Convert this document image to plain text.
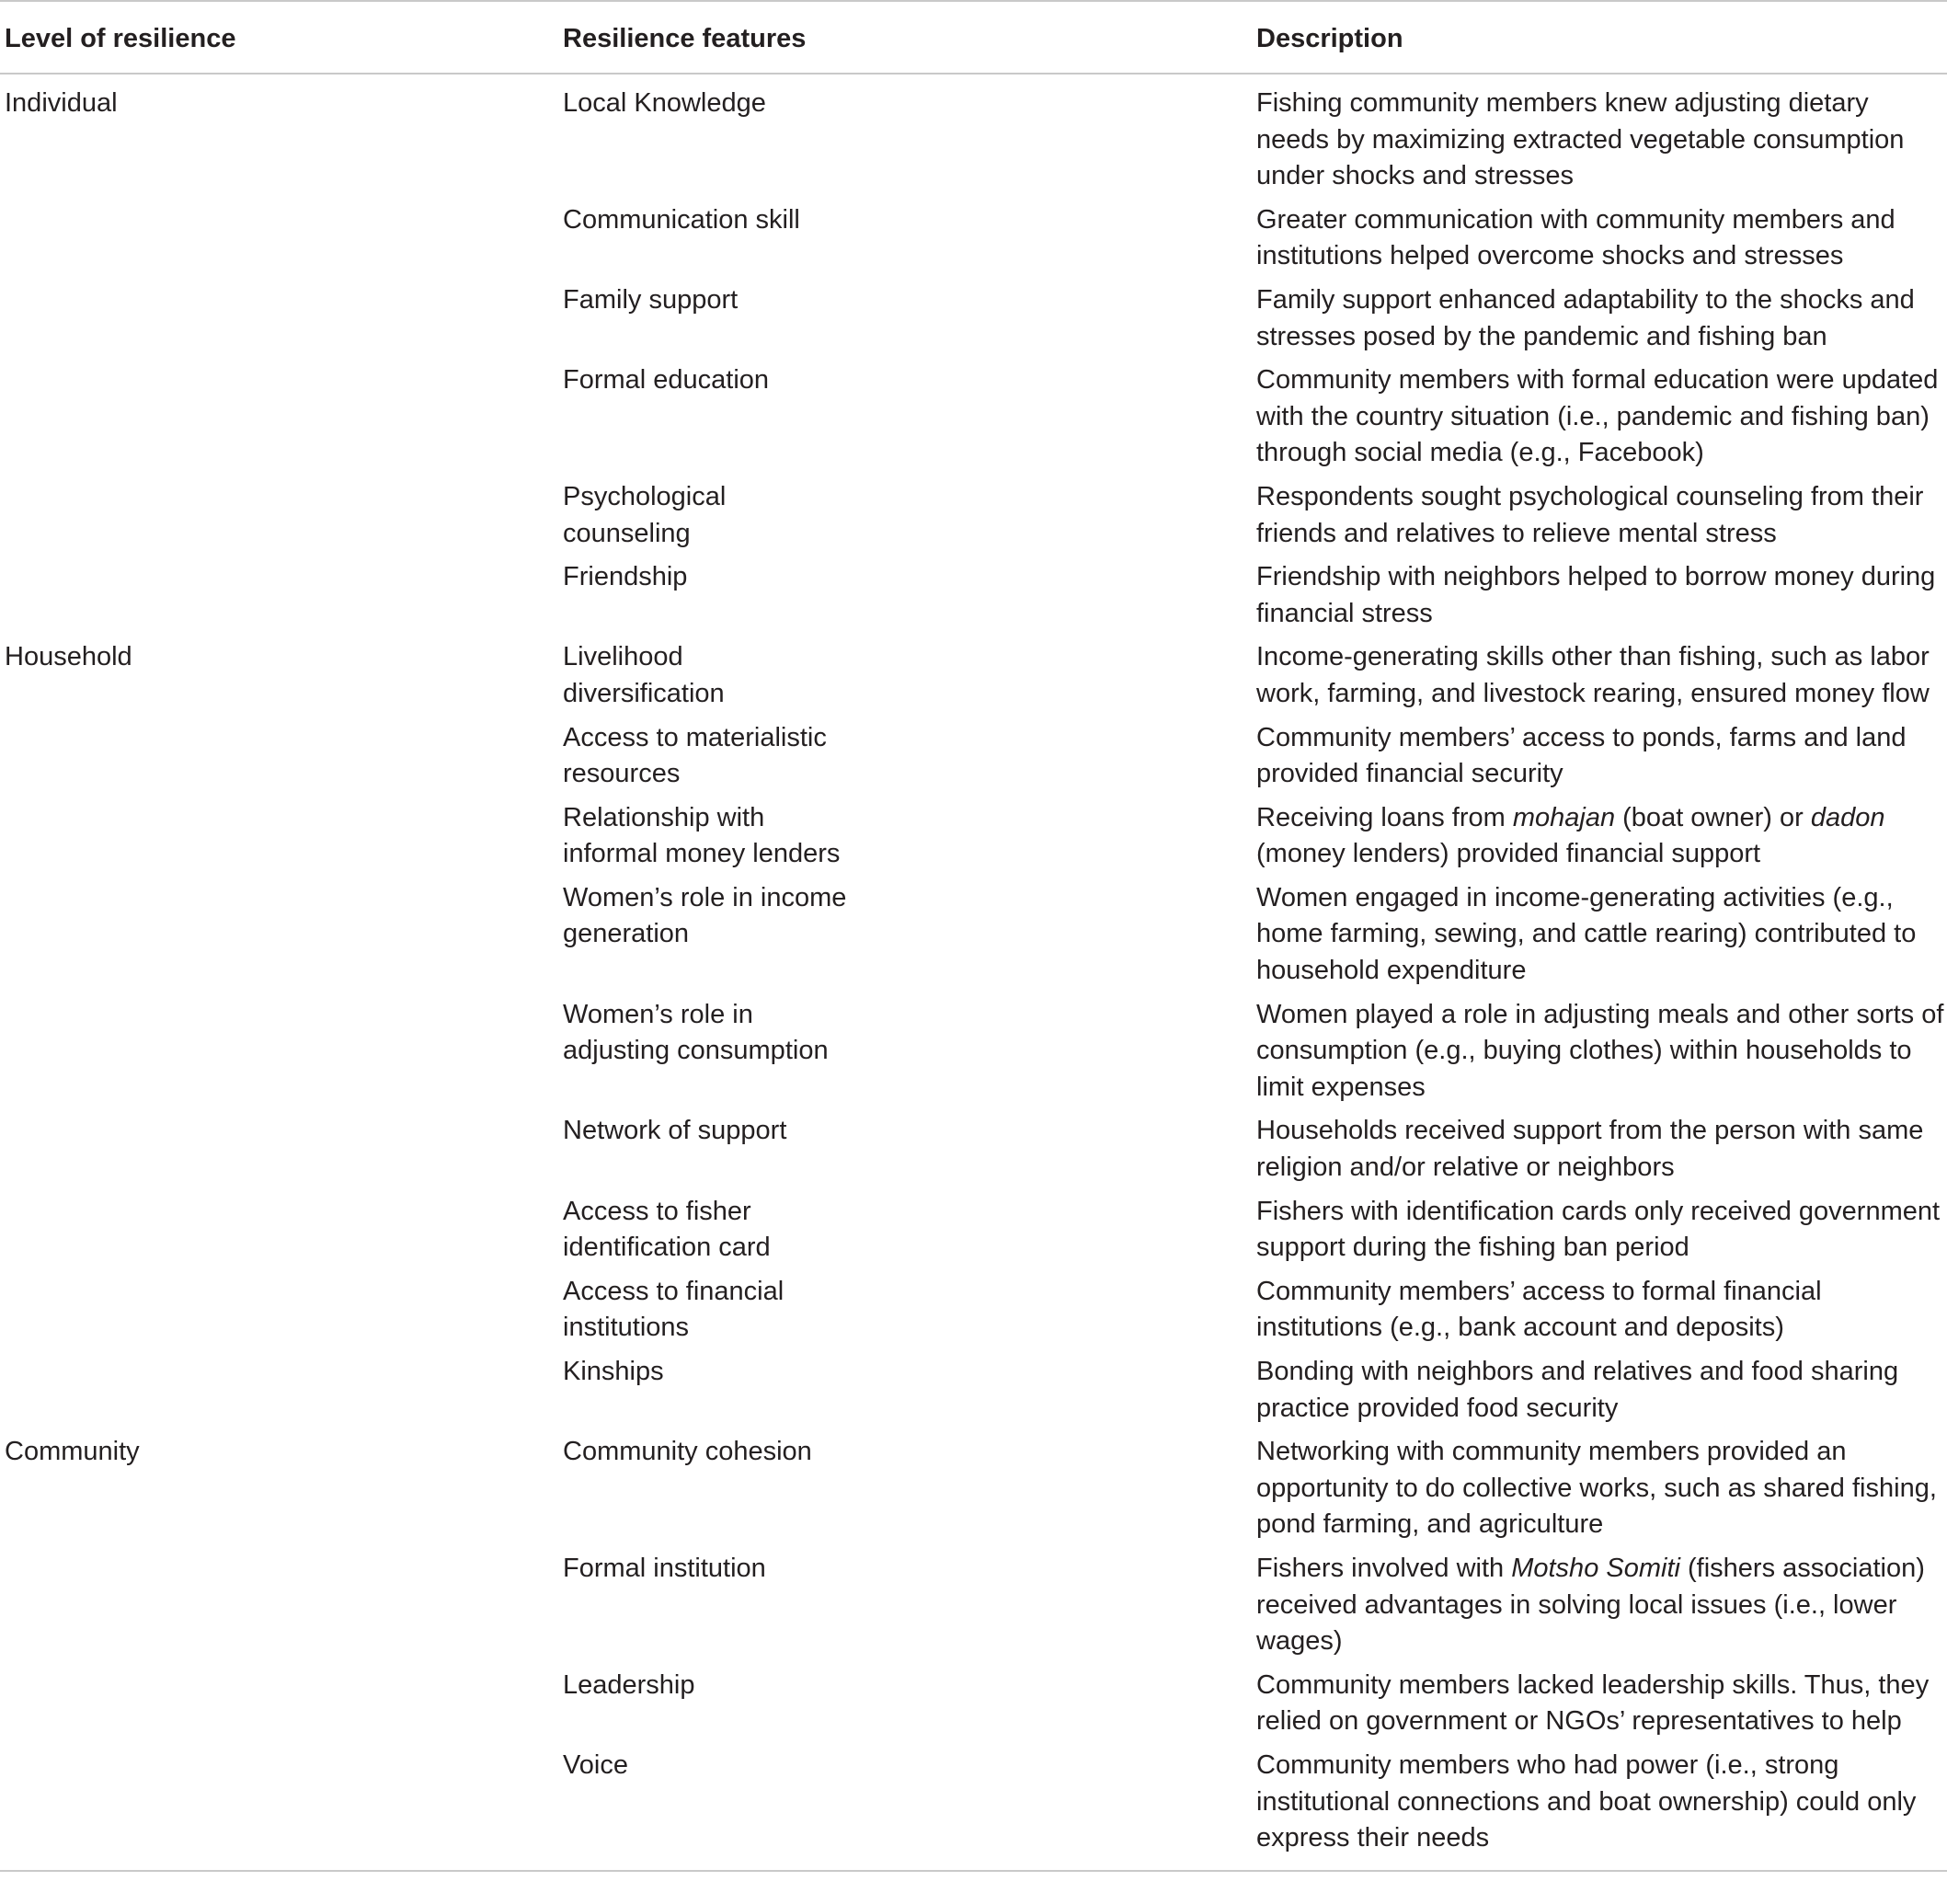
Level of resilience	Resilience features	Description

Individual	Local Knowledge	Fishing community members knew adjusting dietary needs by maximizing extracted vegetable consumption under shocks and stresses

	Communication skill	Greater communication with community members and institutions helped overcome shocks and stresses

	Family support	Family support enhanced adaptability to the shocks and stresses posed by the pandemic and fishing ban

	Formal education	Community members with formal education were updated with the country situation (i.e., pandemic and fishing ban) through social media (e.g., Facebook)

	Psychological counseling	Respondents sought psychological counseling from their friends and relatives to relieve mental stress

	Friendship	Friendship with neighbors helped to borrow money during financial stress

Household	Livelihood diversification	Income-generating skills other than fishing, such as labor work, farming, and livestock rearing, ensured money flow

	Access to materialistic resources	Community members’ access to ponds, farms and land provided financial security

	Relationship with informal money lenders	Receiving loans from mohajan (boat owner) or dadon (money lenders) provided financial support

	Women’s role in income generation	Women engaged in income-generating activities (e.g., home farming, sewing, and cattle rearing) contributed to household expenditure

	Women’s role in adjusting consumption	Women played a role in adjusting meals and other sorts of consumption (e.g., buying clothes) within households to limit expenses

	Network of support	Households received support from the person with same religion and/or relative or neighbors

	Access to fisher identification card	Fishers with identification cards only received government support during the fishing ban period

	Access to financial institutions	Community members’ access to formal financial institutions (e.g., bank account and deposits)

	Kinships	Bonding with neighbors and relatives and food sharing practice provided food security

Community	Community cohesion	Networking with community members provided an opportunity to do collective works, such as shared fishing, pond farming, and agriculture

	Formal institution	Fishers involved with Motsho Somiti (fishers association) received advantages in solving local issues (i.e., lower wages)

	Leadership	Community members lacked leadership skills. Thus, they relied on government or NGOs’ representatives to help

	Voice	Community members who had power (i.e., strong institutional connections and boat ownership) could only express their needs
